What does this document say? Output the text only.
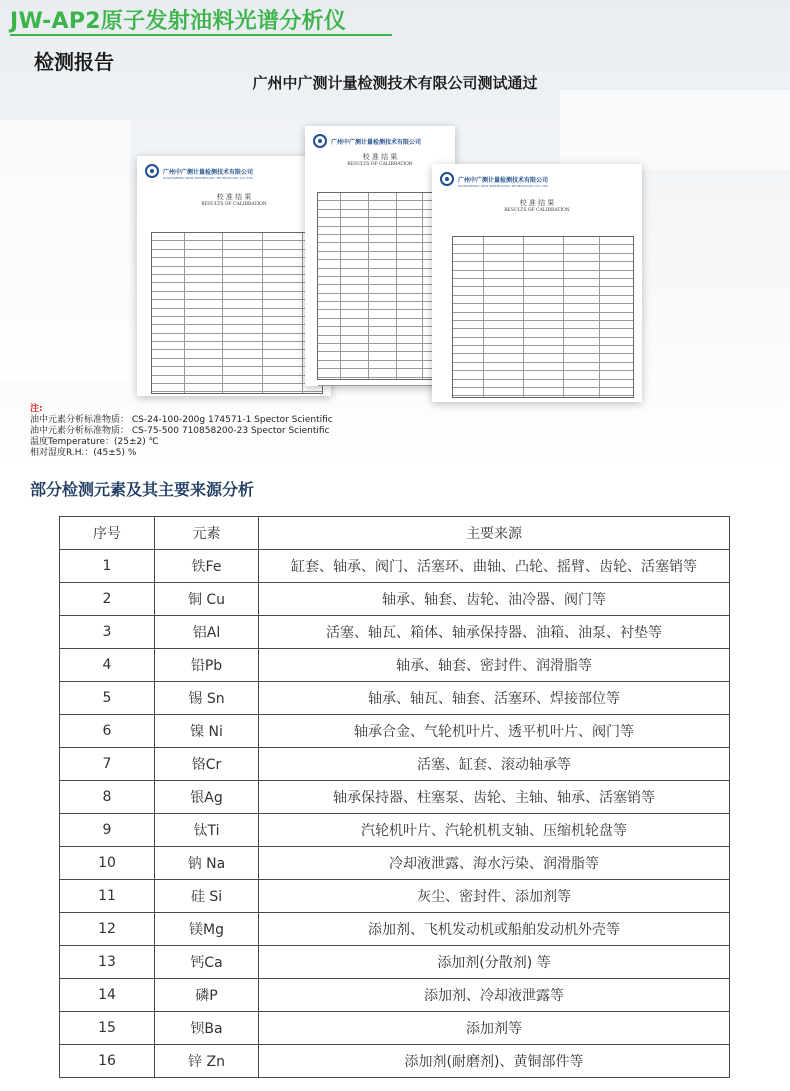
JW-AP2原子发射油料光谱分析仪
检测报告
广州中广测计量检测技术有限公司测试通过
广州中广测计量检测技术有限公司
GUANGZHOU NEW METROLOGY TECHNOLOGY CO.,LTD
校 准 结 果
RESULTS OF CALIBRATION
广州中广测计量检测技术有限公司
校 准 结 果
RESULTS OF CALIBRATION
广州中广测计量检测技术有限公司
GUANGZHOU NEW METROLOGY TECHNOLOGY CO.,LTD
校 准 结 果
RESULTS OF CALIBRATION
注:
油中元素分析标准物质： CS-24-100-200g 174571-1 Spector Scientific
油中元素分析标准物质： CS-75-500 710858200-23 Spector Scientific
温度Temperature：(25±2) ℃
相对湿度R.H.：(45±5) %
部分检测元素及其主要来源分析
序号	元素	主要来源
1	铁Fe	缸套、轴承、阀门、活塞环、曲轴、凸轮、摇臂、齿轮、活塞销等
2	铜 Cu	轴承、轴套、齿轮、油冷器、阀门等
3	铝Al	活塞、轴瓦、箱体、轴承保持器、油箱、油泵、衬垫等
4	铅Pb	轴承、轴套、密封件、润滑脂等
5	锡 Sn	轴承、轴瓦、轴套、活塞环、焊接部位等
6	镍 Ni	轴承合金、气轮机叶片、透平机叶片、阀门等
7	铬Cr	活塞、缸套、滚动轴承等
8	银Ag	轴承保持器、柱塞泵、齿轮、主轴、轴承、活塞销等
9	钛Ti	汽轮机叶片、汽轮机机支轴、压缩机轮盘等
10	钠 Na	冷却液泄露、海水污染、润滑脂等
11	硅 Si	灰尘、密封件、添加剂等
12	镁Mg	添加剂、飞机发动机或船舶发动机外壳等
13	钙Ca	添加剂(分散剂) 等
14	磷P	添加剂、冷却液泄露等
15	钡Ba	添加剂等
16	锌 Zn	添加剂(耐磨剂)、黄铜部件等
